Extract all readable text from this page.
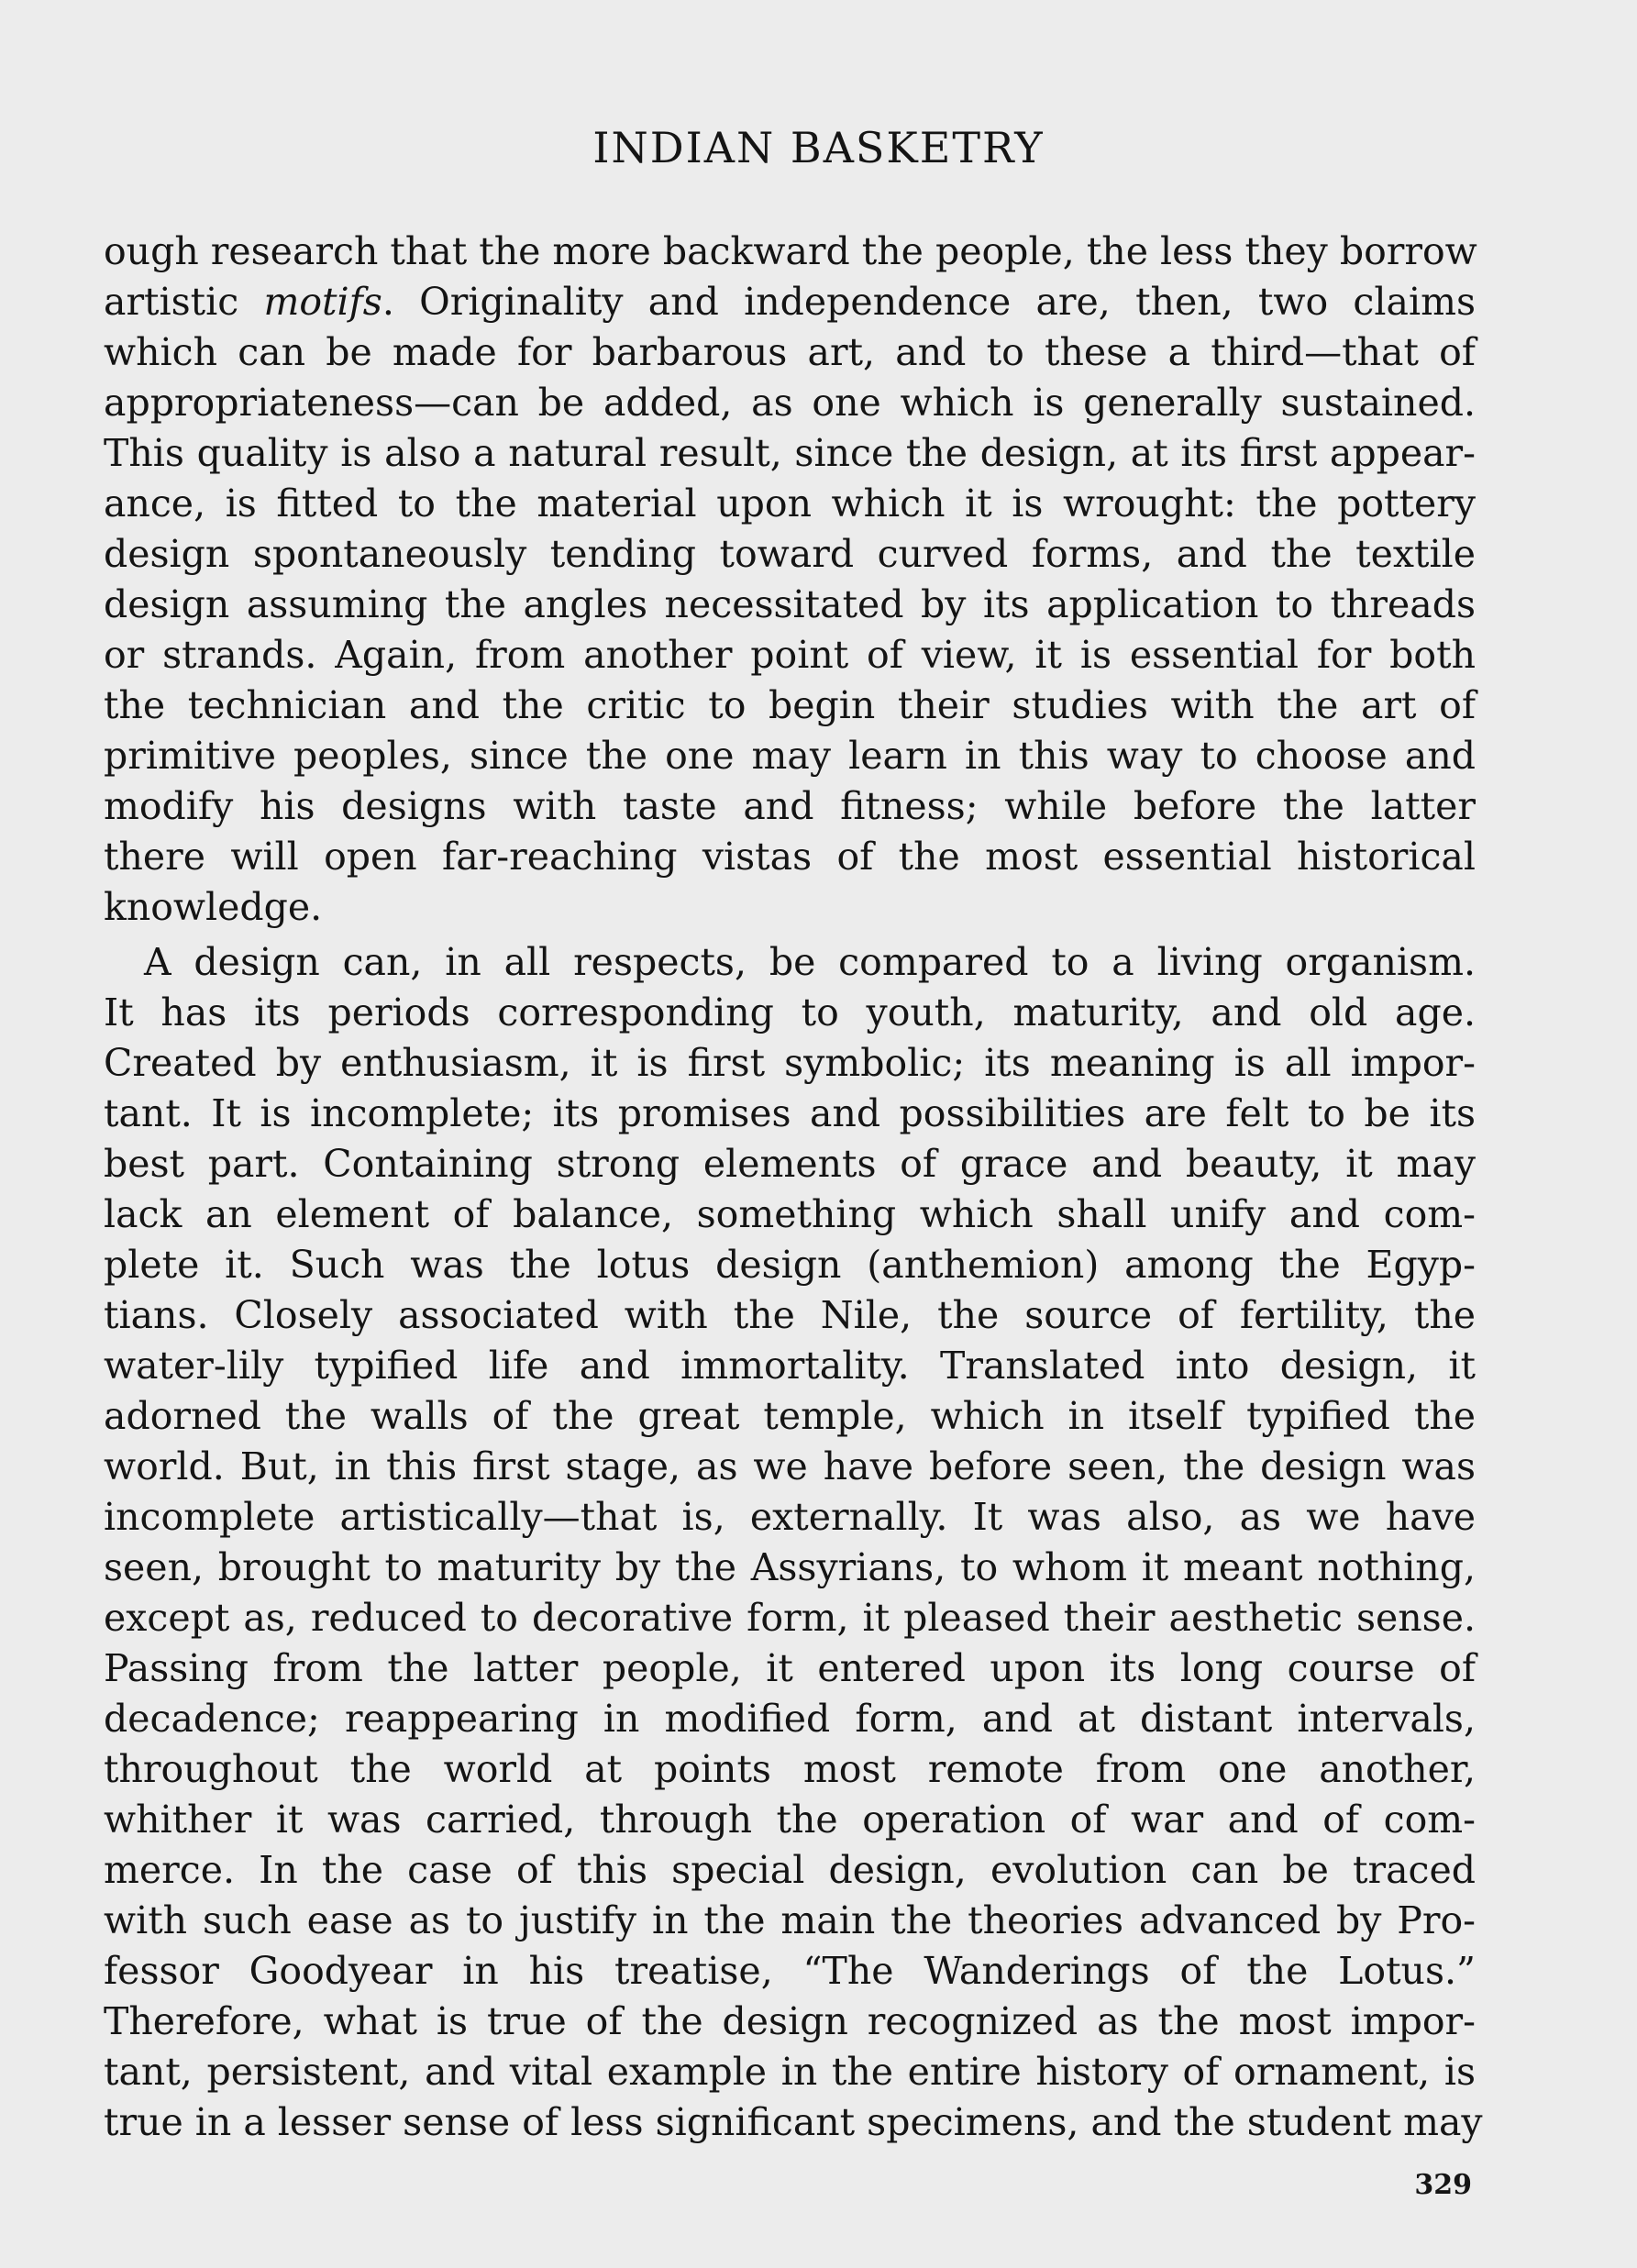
INDIAN BASKETRY
ough research that the more backward the people, the less they borrow
artistic motifs. Originality and independence are, then, two claims
which can be made for barbarous art, and to these a third—that of
appropriateness—can be added, as one which is generally sustained.
This quality is also a natural result, since the design, at its first appear-
ance, is fitted to the material upon which it is wrought: the pottery
design spontaneously tending toward curved forms, and the textile
design assuming the angles necessitated by its application to threads
or strands. Again, from another point of view, it is essential for both
the technician and the critic to begin their studies with the art of
primitive peoples, since the one may learn in this way to choose and
modify his designs with taste and fitness; while before the latter
there will open far-reaching vistas of the most essential historical
knowledge.
A design can, in all respects, be compared to a living organism.
It has its periods corresponding to youth, maturity, and old age.
Created by enthusiasm, it is first symbolic; its meaning is all impor-
tant. It is incomplete; its promises and possibilities are felt to be its
best part. Containing strong elements of grace and beauty, it may
lack an element of balance, something which shall unify and com-
plete it. Such was the lotus design (anthemion) among the Egyp-
tians. Closely associated with the Nile, the source of fertility, the
water-lily typified life and immortality. Translated into design, it
adorned the walls of the great temple, which in itself typified the
world. But, in this first stage, as we have before seen, the design was
incomplete artistically—that is, externally. It was also, as we have
seen, brought to maturity by the Assyrians, to whom it meant nothing,
except as, reduced to decorative form, it pleased their aesthetic sense.
Passing from the latter people, it entered upon its long course of
decadence; reappearing in modified form, and at distant intervals,
throughout the world at points most remote from one another,
whither it was carried, through the operation of war and of com-
merce. In the case of this special design, evolution can be traced
with such ease as to justify in the main the theories advanced by Pro-
fessor Goodyear in his treatise, “The Wanderings of the Lotus.”
Therefore, what is true of the design recognized as the most impor-
tant, persistent, and vital example in the entire history of ornament, is
true in a lesser sense of less significant specimens, and the student may
329
